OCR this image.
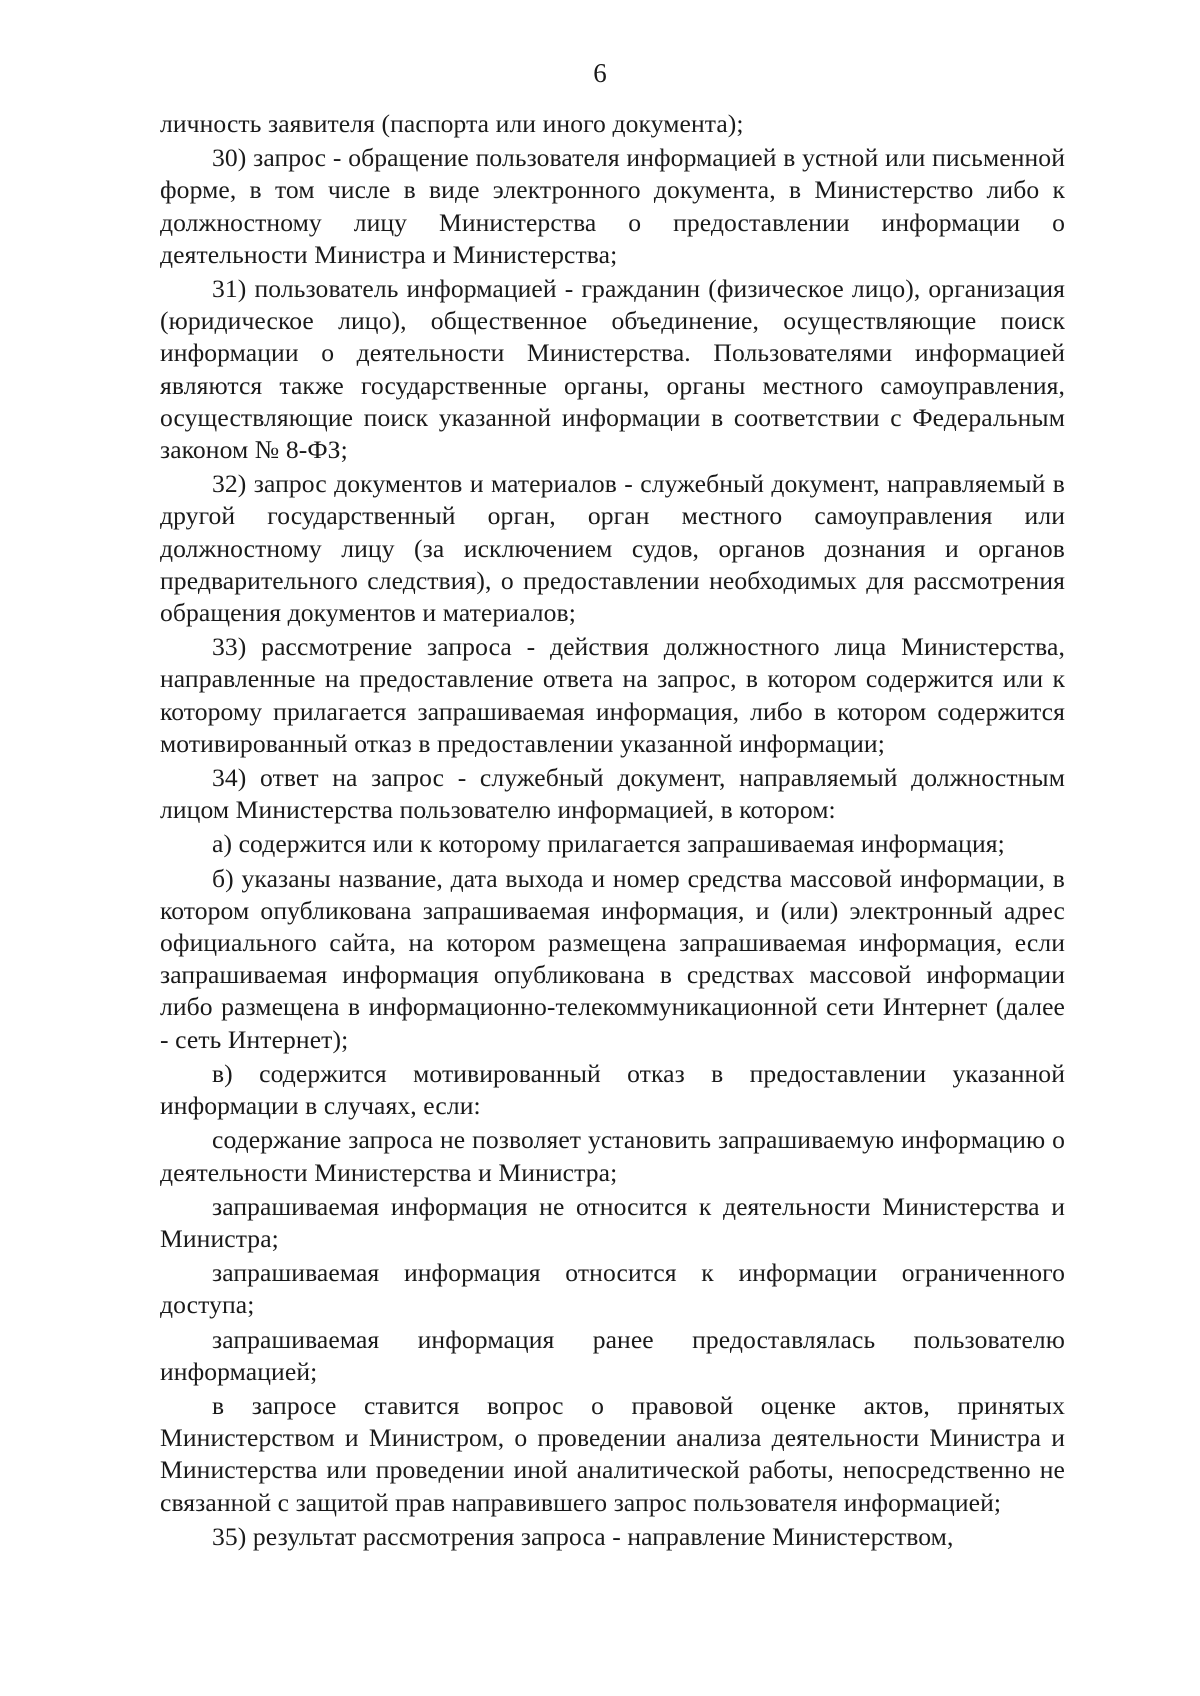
6

личность заявителя (паспорта или иного документа);

30) запрос - обращение пользователя информацией в устной или письменной форме, в том числе в виде электронного документа, в Министерство либо к должностному лицу Министерства о предоставлении информации о деятельности Министра и Министерства;

31) пользователь информацией - гражданин (физическое лицо), организация (юридическое лицо), общественное объединение, осуществляющие поиск информации о деятельности Министерства. Пользователями информацией являются также государственные органы, органы местного самоуправления, осуществляющие поиск указанной информации в соответствии с Федеральным законом № 8-ФЗ;

32) запрос документов и материалов - служебный документ, направляемый в другой государственный орган, орган местного самоуправления или должностному лицу (за исключением судов, органов дознания и органов предварительного следствия), о предоставлении необходимых для рассмотрения обращения документов и материалов;

33) рассмотрение запроса - действия должностного лица Министерства, направленные на предоставление ответа на запрос, в котором содержится или к которому прилагается запрашиваемая информация, либо в котором содержится мотивированный отказ в предоставлении указанной информации;

34) ответ на запрос - служебный документ, направляемый должностным лицом Министерства пользователю информацией, в котором:

а) содержится или к которому прилагается запрашиваемая информация;

б) указаны название, дата выхода и номер средства массовой информации, в котором опубликована запрашиваемая информация, и (или) электронный адрес официального сайта, на котором размещена запрашиваемая информация, если запрашиваемая информация опубликована в средствах массовой информации либо размещена в информационно-телекоммуникационной сети Интернет (далее - сеть Интернет);

в) содержится мотивированный отказ в предоставлении указанной информации в случаях, если:

содержание запроса не позволяет установить запрашиваемую информацию о деятельности Министерства и Министра;

запрашиваемая информация не относится к деятельности Министерства и Министра;

запрашиваемая информация относится к информации ограниченного доступа;

запрашиваемая информация ранее предоставлялась пользователю информацией;

в запросе ставится вопрос о правовой оценке актов, принятых Министерством и Министром, о проведении анализа деятельности Министра и Министерства или проведении иной аналитической работы, непосредственно не связанной с защитой прав направившего запрос пользователя информацией;

35) результат рассмотрения запроса - направление Министерством,
